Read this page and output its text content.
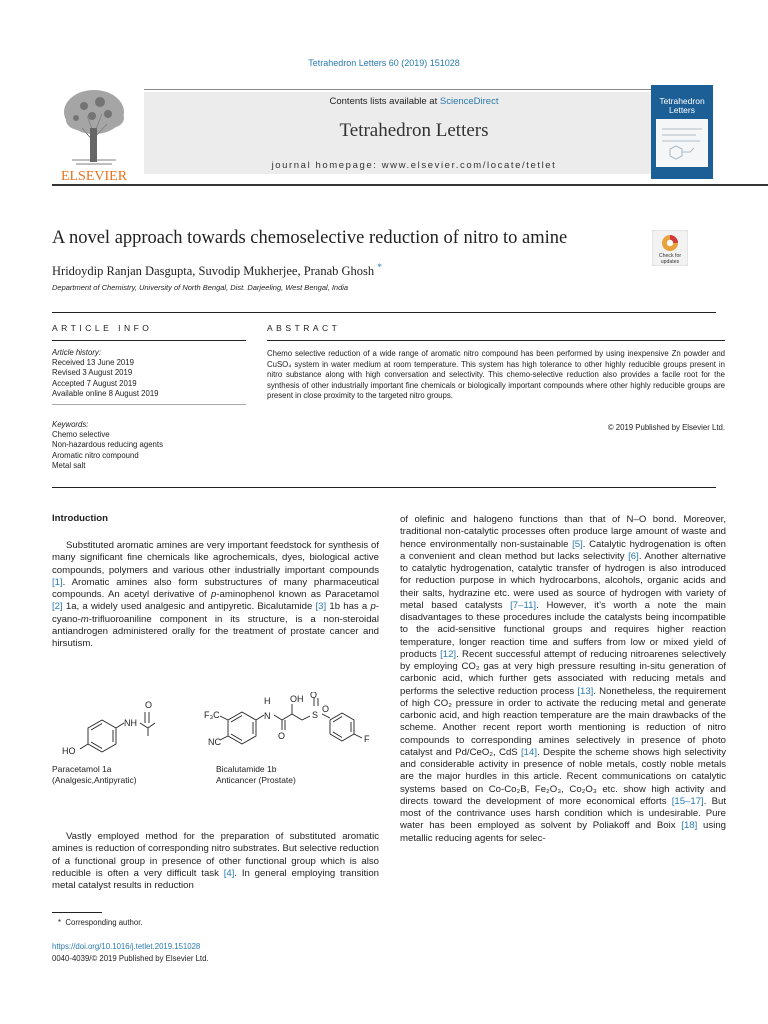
Tetrahedron Letters 60 (2019) 151028
ELSEVIER
Contents lists available at ScienceDirect
Tetrahedron Letters
journal homepage: www.elsevier.com/locate/tetlet
Tetrahedron
Letters
A novel approach towards chemoselective reduction of nitro to amine
Check for
updates
Hridoydip Ranjan Dasgupta, Suvodip Mukherjee, Pranab Ghosh *
Department of Chemistry, University of North Bengal, Dist. Darjeeling, West Bengal, India
ARTICLE INFO
Article history:
Received 13 June 2019
Revised 3 August 2019
Accepted 7 August 2019
Available online 8 August 2019
Keywords:
Chemo selective
Non-hazardous reducing agents
Aromatic nitro compound
Metal salt
ABSTRACT
Chemo selective reduction of a wide range of aromatic nitro compound has been performed by using inexpensive Zn powder and CuSO₄ system in water medium at room temperature. This system has high tolerance to other highly reducible groups present in nitro substance along with high conversation and selectivity. This chemo-selective reduction also provides a facile root for the synthesis of other industrially important fine chemicals or biologically important compounds where other highly reducible groups are present in close proximity to the targeted nitro groups.
© 2019 Published by Elsevier Ltd.
Introduction

Substituted aromatic amines are very important feedstock for synthesis of many significant fine chemicals like agrochemicals, dyes, biological active compounds, polymers and various other industrially important compounds [1]. Aromatic amines also form substructures of many pharmaceutical compounds. An acetyl derivative of p-aminophenol known as Paracetamol [2] 1a, a widely used analgesic and antipyretic. Bicalutamide [3] 1b has a p-cyano-m-trifluoroaniline component in its structure, is a non-steroidal antiandrogen administered orally for the treatment of prostate cancer and hirsutism.

O
NH
HO
H
N
O
OH O
S
O
F₃C
NC	F
Paracetamol 1a
(Analgesic,Antipyratic)
Bicalutamide 1b
Anticancer (Prostate)

Vastly employed method for the preparation of substituted aromatic amines is reduction of corresponding nitro substrates. But selective reduction of a functional group in presence of other functional group which is also reducible is often a very difficult task [4]. In general employing transition metal catalyst results in reduction

of olefinic and halogeno functions than that of N–O bond. Moreover, traditional non-catalytic processes often produce large amount of waste and hence environmentally non-sustainable [5]. Catalytic hydrogenation is often a convenient and clean method but lacks selectivity [6]. Another alternative to catalytic hydrogenation, catalytic transfer of hydrogen is also introduced for reduction purpose in which hydrocarbons, alcohols, organic acids and their salts, hydrazine etc. were used as source of hydrogen with variety of metal based catalysts [7–11]. However, it’s worth a note the main disadvantages to these procedures include the catalysts being incompatible to the acid-sensitive functional groups and requires higher reaction temperature, longer reaction time and suffers from low or mixed yield of products [12]. Recent successful attempt of reducing nitroarenes selectively by employing CO₂ gas at very high pressure resulting in-situ generation of carbonic acid, which further gets associated with reducing metals and performs the selective reduction process [13]. Nonetheless, the requirement of high CO₂ pressure in order to activate the reducing metal and generate carbonic acid, and high reaction temperature are the main drawbacks of the scheme. Another recent report worth mentioning is reduction of nitro compounds to corresponding amines selectively in presence of photo catalyst and Pd/CeO₂, CdS [14]. Despite the scheme shows high selectivity and considerable activity in presence of noble metals, costly noble metals are the major hurdles in this article. Recent communications on catalytic systems based on Co-Co₂B, Fe₂O₃, Co₂O₃ etc. show high activity and directs toward the development of more economical efforts [15–17]. But most of the contrivance uses harsh condition which is undesirable. Pure water has been employed as solvent by Poliakoff and Boix [18] using metallic reducing agents for selec-

* Corresponding author.
https://doi.org/10.1016/j.tetlet.2019.151028
0040-4039/© 2019 Published by Elsevier Ltd.
